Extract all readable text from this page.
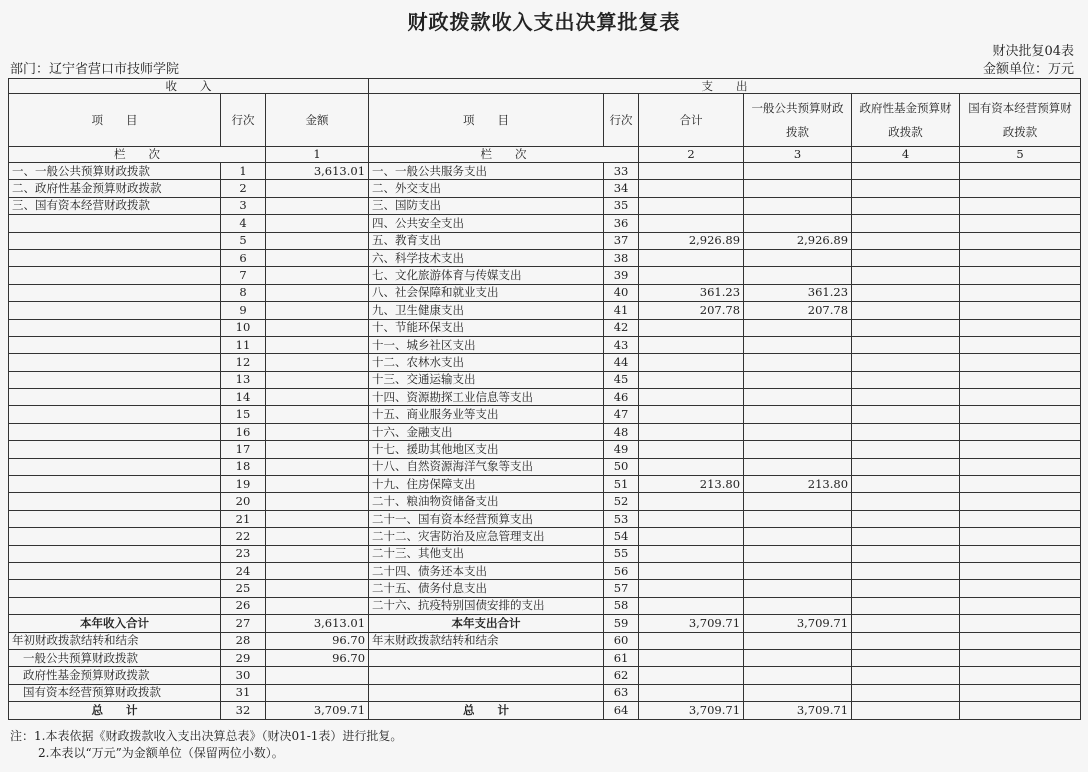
财政拨款收入支出决算批复表
财决批复04表
部门：辽宁省营口市技师学院	金额单位：万元
收　　入			支　　出					
项　　目	行次	金额	项　　目	行次	合计	一般公共预算财政拨款	政府性基金预算财政拨款	国有资本经营预算财政拨款
栏　　次		1	栏　　次		2	3	4	5
一、一般公共预算财政拨款	1	3,613.01	一、一般公共服务支出	33				
二、政府性基金预算财政拨款	2		二、外交支出	34				
三、国有资本经营财政拨款	3		三、国防支出	35				
	4		四、公共安全支出	36				
	5		五、教育支出	37	2,926.89	2,926.89		
	6		六、科学技术支出	38				
	7		七、文化旅游体育与传媒支出	39				
	8		八、社会保障和就业支出	40	361.23	361.23		
	9		九、卫生健康支出	41	207.78	207.78		
	10		十、节能环保支出	42				
	11		十一、城乡社区支出	43				
	12		十二、农林水支出	44				
	13		十三、交通运输支出	45				
	14		十四、资源勘探工业信息等支出	46				
	15		十五、商业服务业等支出	47				
	16		十六、金融支出	48				
	17		十七、援助其他地区支出	49				
	18		十八、自然资源海洋气象等支出	50				
	19		十九、住房保障支出	51	213.80	213.80		
	20		二十、粮油物资储备支出	52				
	21		二十一、国有资本经营预算支出	53				
	22		二十二、灾害防治及应急管理支出	54				
	23		二十三、其他支出	55				
	24		二十四、债务还本支出	56				
	25		二十五、债务付息支出	57				
	26		二十六、抗疫特别国债安排的支出	58				
本年收入合计	27	3,613.01	本年支出合计	59	3,709.71	3,709.71		
年初财政拨款结转和结余	28	96.70	年末财政拨款结转和结余	60				
一般公共预算财政拨款	29	96.70		61				
政府性基金预算财政拨款	30			62				
国有资本经营预算财政拨款	31			63				
总　　计	32	3,709.71	总　　计	64	3,709.71	3,709.71		
注：1.本表依据《财政拨款收入支出决算总表》（财决01-1表）进行批复。
2.本表以“万元”为金额单位（保留两位小数）。
